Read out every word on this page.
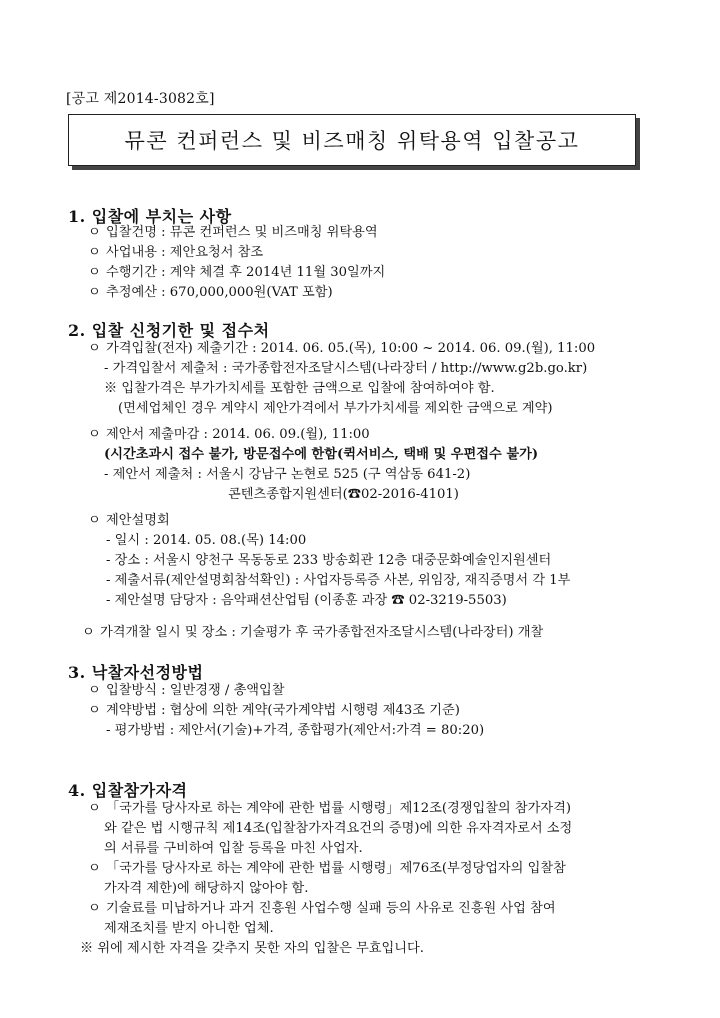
[공고 제2014-3082호]
뮤콘 컨퍼런스 및 비즈매칭 위탁용역 입찰공고
1. 입찰에 부치는 사항
ㅇ 입찰건명 : 뮤콘 컨퍼런스 및 비즈매칭 위탁용역
ㅇ 사업내용 : 제안요청서 참조
ㅇ 수행기간 : 계약 체결 후 2014년 11월 30일까지
ㅇ 추정예산 : 670,000,000원(VAT 포함)
2. 입찰 신청기한 및 접수처
ㅇ 가격입찰(전자) 제출기간 : 2014. 06. 05.(목), 10:00 ~ 2014. 06. 09.(월), 11:00
- 가격입찰서 제출처 : 국가종합전자조달시스템(나라장터 / http://www.g2b.go.kr)
※ 입찰가격은 부가가치세를 포함한 금액으로 입찰에 참여하여야 함.
(면세업체인 경우 계약시 제안가격에서 부가가치세를 제외한 금액으로 계약)
ㅇ 제안서 제출마감 : 2014. 06. 09.(월), 11:00
(시간초과시 접수 불가, 방문접수에 한함(퀵서비스, 택배 및 우편접수 불가)
- 제안서 제출처 : 서울시 강남구 논현로 525 (구 역삼동 641-2)
콘텐츠종합지원센터(☎02-2016-4101)
ㅇ 제안설명회
- 일시 : 2014. 05. 08.(목) 14:00
- 장소 : 서울시 양천구 목동동로 233 방송회관 12층 대중문화예술인지원센터
- 제출서류(제안설명회참석확인) : 사업자등록증 사본, 위임장, 재직증명서 각 1부
- 제안설명 담당자 : 음악패션산업팀 (이종훈 과장 ☎ 02-3219-5503)
ㅇ 가격개찰 일시 및 장소 : 기술평가 후 국가종합전자조달시스템(나라장터) 개찰
3. 낙찰자선정방법
ㅇ 입찰방식 : 일반경쟁 / 총액입찰
ㅇ 계약방법 : 협상에 의한 계약(국가계약법 시행령 제43조 기준)
- 평가방법 : 제안서(기술)+가격, 종합평가(제안서:가격 = 80:20)
4. 입찰참가자격
ㅇ 「국가를 당사자로 하는 계약에 관한 법률 시행령」제12조(경쟁입찰의 참가자격)
와 같은 법 시행규칙 제14조(입찰참가자격요건의 증명)에 의한 유자격자로서 소정
의 서류를 구비하여 입찰 등록을 마친 사업자.
ㅇ 「국가를 당사자로 하는 계약에 관한 법률 시행령」제76조(부정당업자의 입찰참
가자격 제한)에 해당하지 않아야 함.
ㅇ 기술료를 미납하거나 과거 진흥원 사업수행 실패 등의 사유로 진흥원 사업 참여
제재조치를 받지 아니한 업체.
※ 위에 제시한 자격을 갖추지 못한 자의 입찰은 무효입니다.
